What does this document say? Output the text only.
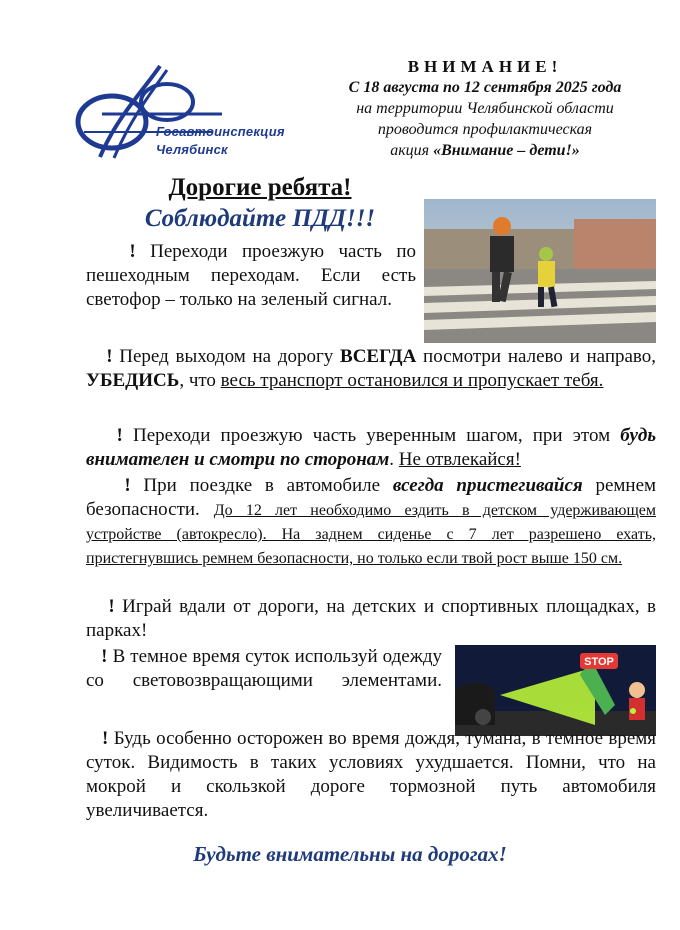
Госавтоинспекция
Челябинск
ВНИМАНИЕ!
С 18 августа по 12 сентября 2025 года
на территории Челябинской области
проводится профилактическая
акция «Внимание – дети!»
Дорогие ребята!
Соблюдайте ПДД!!!
! Переходи проезжую часть по пешеходным переходам. Если есть светофор – только на зеленый сигнал.
! Перед выходом на дорогу ВСЕГДА посмотри налево и направо, УБЕДИСЬ, что весь транспорт остановился и пропускает тебя.
! Переходи проезжую часть уверенным шагом, при этом будь внимателен и смотри по сторонам. Не отвлекайся!
! При поездке в автомобиле всегда пристегивайся ремнем безопасности. До 12 лет необходимо ездить в детском удерживающем устройстве (автокресло). На заднем сиденье с 7 лет разрешено ехать, пристегнувшись ремнем безопасности, но только если твой рост выше 150 см.
! Играй вдали от дороги, на детских и спортивных площадках, в парках!
STOP
! В темное время суток используй одежду со световозвращающими элементами.
! Будь особенно осторожен во время дождя, тумана, в темное время суток. Видимость в таких условиях ухудшается. Помни, что на мокрой и скользкой дороге тормозной путь автомобиля увеличивается.
Будьте внимательны на дорогах!
